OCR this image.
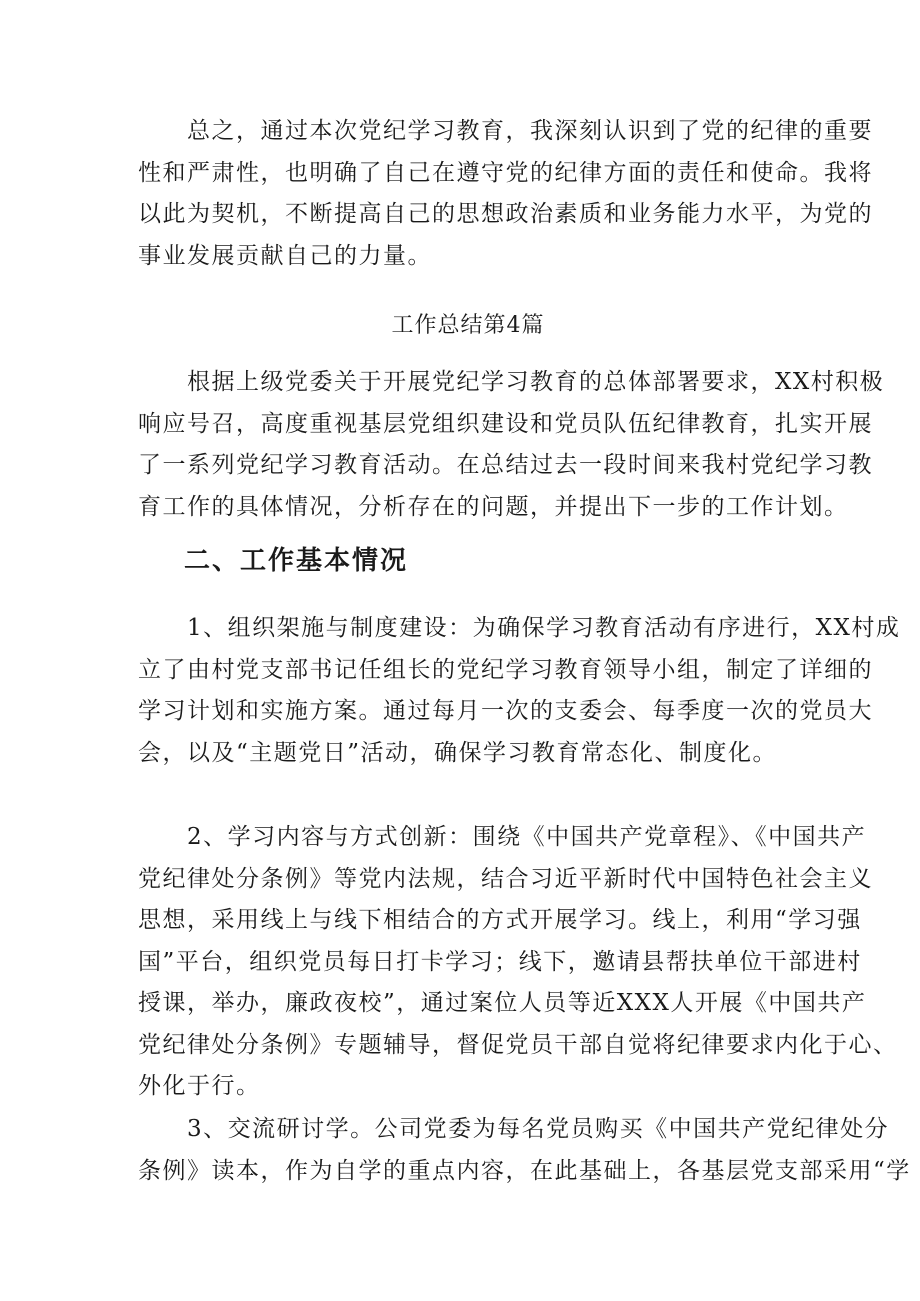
　　总之，通过本次党纪学习教育，我深刻认识到了党的纪律的重要
性和严肃性，也明确了自己在遵守党的纪律方面的责任和使命。我将
以此为契机，不断提高自己的思想政治素质和业务能力水平，为党的
事业发展贡献自己的力量。

工作总结第4篇

　　根据上级党委关于开展党纪学习教育的总体部署要求，XX村积极
响应号召，高度重视基层党组织建设和党员队伍纪律教育，扎实开展
了一系列党纪学习教育活动。在总结过去一段时间来我村党纪学习教
育工作的具体情况，分析存在的问题，并提出下一步的工作计划。
二、工作基本情况
　　1、组织架施与制度建设：为确保学习教育活动有序进行，XX村成
立了由村党支部书记任组长的党纪学习教育领导小组，制定了详细的
学习计划和实施方案。通过每月一次的支委会、每季度一次的党员大
会，以及“主题党日”活动，确保学习教育常态化、制度化。
　　2、学习内容与方式创新：围绕《中国共产党章程》、《中国共产
党纪律处分条例》等党内法规，结合习近平新时代中国特色社会主义
思想，采用线上与线下相结合的方式开展学习。线上，利用“学习强
国”平台，组织党员每日打卡学习；线下，邀请县帮扶单位干部进村
授课，举办，廉政夜校”，通过案位人员等近XXX人开展《中国共产
党纪律处分条例》专题辅导，督促党员干部自觉将纪律要求内化于心、
外化于行。
　　3、交流研讨学。公司党委为每名党员购买《中国共产党纪律处分
条例》读本，作为自学的重点内容，在此基础上，各基层党支部采用“学
